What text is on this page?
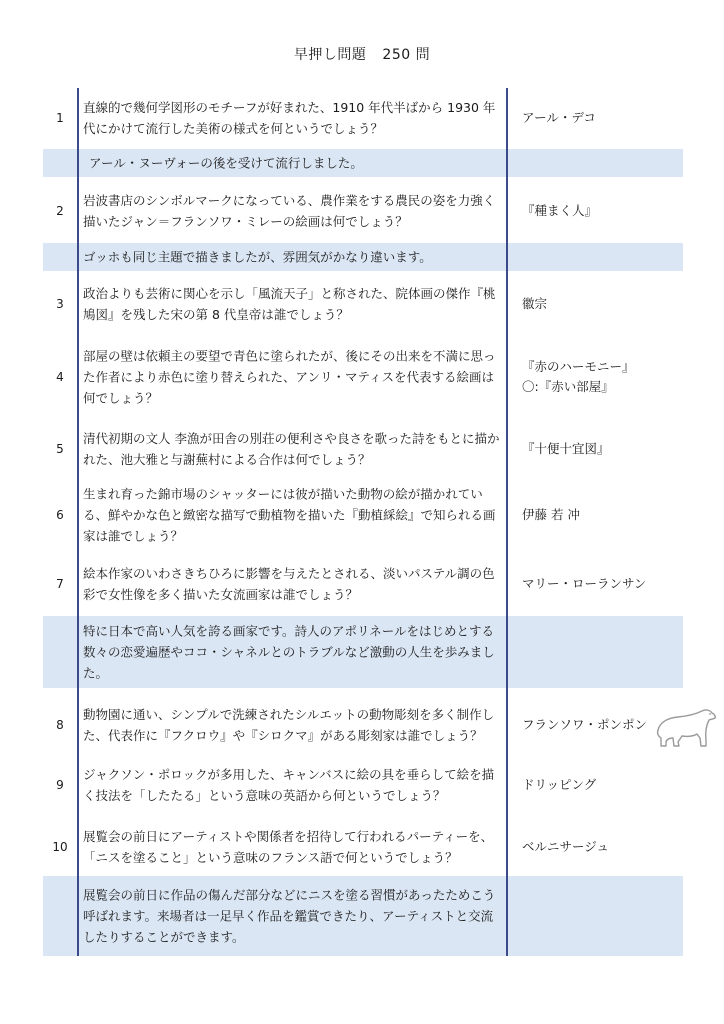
早押し問題 250 問
1
直線的で幾何学図形のモチーフが好まれた、1910 年代半ばから 1930 年代にかけて流行した美術の様式を何というでしょう？
アール・デコ
アール・ヌーヴォーの後を受けて流行しました。
2
岩波書店のシンボルマークになっている、農作業をする農民の姿を力強く描いたジャン＝フランソワ・ミレーの絵画は何でしょう？
『種まく人』
ゴッホも同じ主題で描きましたが、雰囲気がかなり違います。
3
政治よりも芸術に関心を示し「風流天子」と称された、院体画の傑作『桃鳩図』を残した宋の第 8 代皇帝は誰でしょう？
徽宗
4
部屋の壁は依頼主の要望で青色に塗られたが、後にその出来を不満に思った作者により赤色に塗り替えられた、アンリ・マティスを代表する絵画は何でしょう？
『赤のハーモニー』
〇:『赤い部屋』
5
清代初期の文人 李漁が田舎の別荘の便利さや良さを歌った詩をもとに描かれた、池大雅と与謝蕪村による合作は何でしょう？
『十便十宜図』
6
生まれ育った錦市場のシャッターには彼が描いた動物の絵が描かれている、鮮やかな色と緻密な描写で動植物を描いた『動植綵絵』で知られる画家は誰でしょう？
伊藤 若 冲
7
絵本作家のいわさきちひろに影響を与えたとされる、淡いパステル調の色彩で女性像を多く描いた女流画家は誰でしょう？
マリー・ローランサン
特に日本で高い人気を誇る画家です。詩人のアポリネールをはじめとする数々の恋愛遍歴やココ・シャネルとのトラブルなど激動の人生を歩みました。
8
動物園に通い、シンプルで洗練されたシルエットの動物彫刻を多く制作した、代表作に『フクロウ』や『シロクマ』がある彫刻家は誰でしょう？
フランソワ・ポンポン
9
ジャクソン・ポロックが多用した、キャンバスに絵の具を垂らして絵を描く技法を「したたる」という意味の英語から何というでしょう？
ドリッピング
10
展覧会の前日にアーティストや関係者を招待して行われるパーティーを、「ニスを塗ること」という意味のフランス語で何というでしょう？
ベルニサージュ
展覧会の前日に作品の傷んだ部分などにニスを塗る習慣があったためこう呼ばれます。来場者は一足早く作品を鑑賞できたり、アーティストと交流したりすることができます。
